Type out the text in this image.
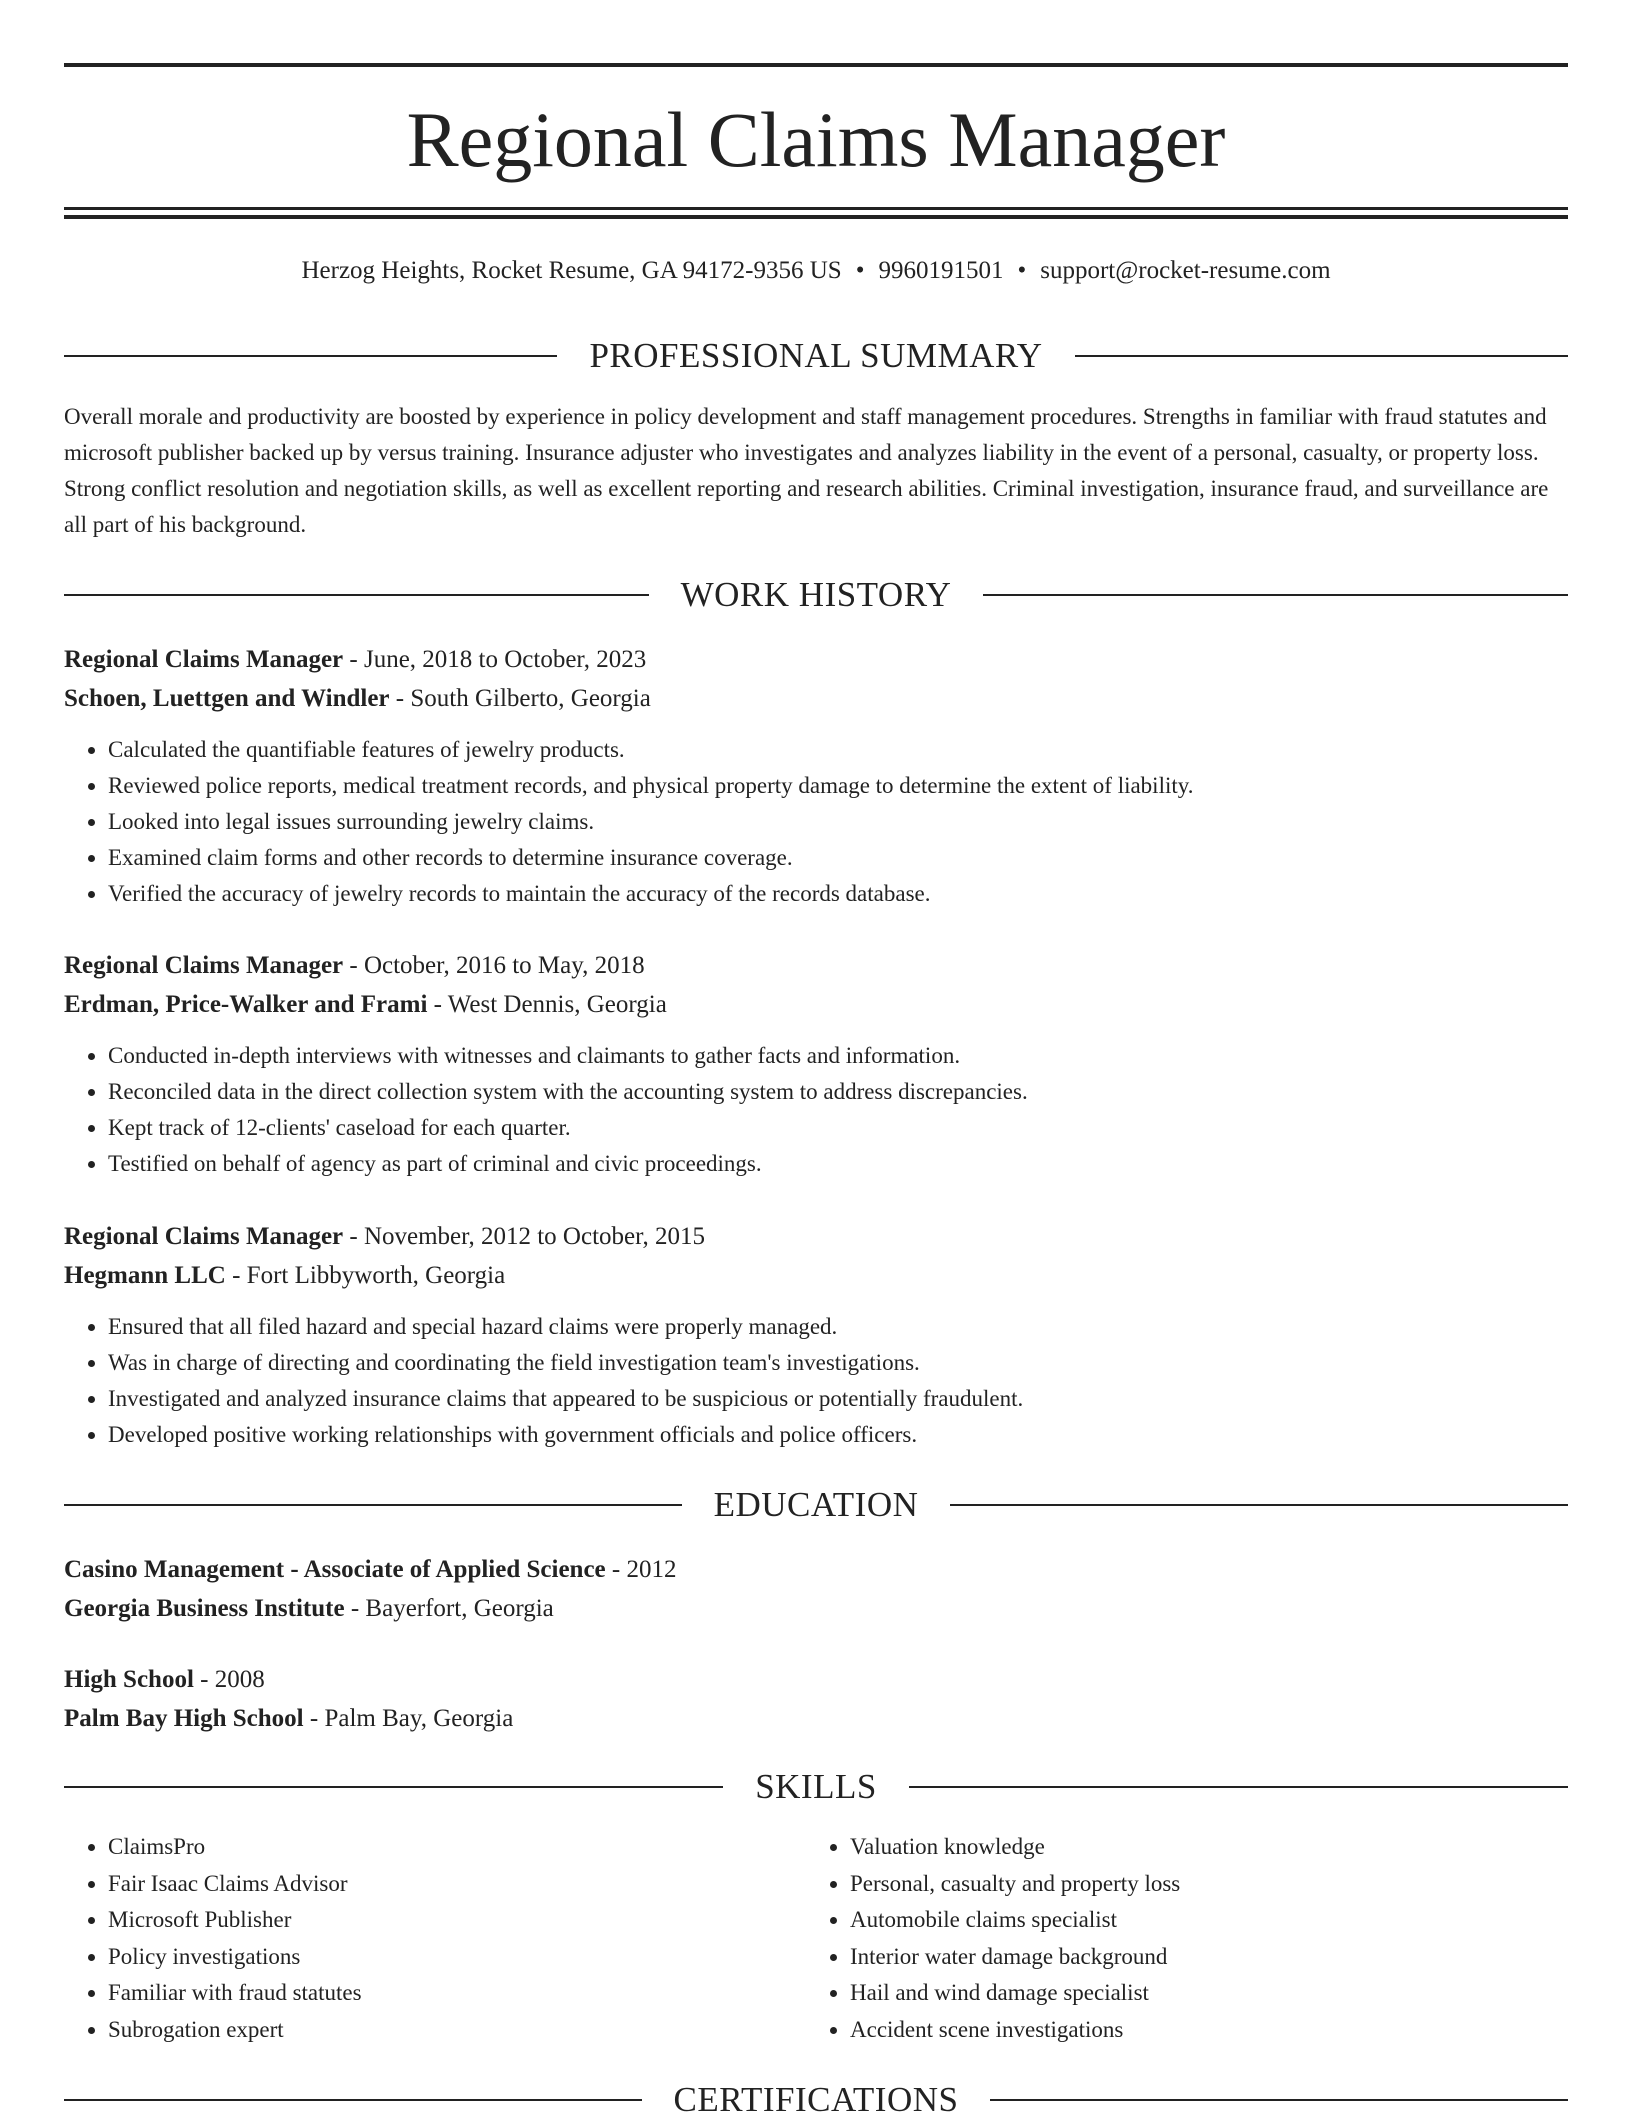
Regional Claims Manager
Herzog Heights, Rocket Resume, GA 94172-9356 US • 9960191501 • support@rocket-resume.com
PROFESSIONAL SUMMARY

Overall morale and productivity are boosted by experience in policy development and staff management procedures. Strengths in familiar with fraud statutes and microsoft publisher backed up by versus training. Insurance adjuster who investigates and analyzes liability in the event of a personal, casualty, or property loss. Strong conflict resolution and negotiation skills, as well as excellent reporting and research abilities. Criminal investigation, insurance fraud, and surveillance are all part of his background.

WORK HISTORY

Regional Claims Manager - June, 2018 to October, 2023

Schoen, Luettgen and Windler - South Gilberto, Georgia

• Calculated the quantifiable features of jewelry products.
• Reviewed police reports, medical treatment records, and physical property damage to determine the extent of liability.
• Looked into legal issues surrounding jewelry claims.
• Examined claim forms and other records to determine insurance coverage.
• Verified the accuracy of jewelry records to maintain the accuracy of the records database.

Regional Claims Manager - October, 2016 to May, 2018

Erdman, Price-Walker and Frami - West Dennis, Georgia

• Conducted in-depth interviews with witnesses and claimants to gather facts and information.
• Reconciled data in the direct collection system with the accounting system to address discrepancies.
• Kept track of 12-clients' caseload for each quarter.
• Testified on behalf of agency as part of criminal and civic proceedings.

Regional Claims Manager - November, 2012 to October, 2015

Hegmann LLC - Fort Libbyworth, Georgia

• Ensured that all filed hazard and special hazard claims were properly managed.
• Was in charge of directing and coordinating the field investigation team's investigations.
• Investigated and analyzed insurance claims that appeared to be suspicious or potentially fraudulent.
• Developed positive working relationships with government officials and police officers.
EDUCATION

Casino Management - Associate of Applied Science - 2012

Georgia Business Institute - Bayerfort, Georgia

High School - 2008

Palm Bay High School - Palm Bay, Georgia

SKILLS
• ClaimsPro
• Fair Isaac Claims Advisor
• Microsoft Publisher
• Policy investigations
• Familiar with fraud statutes
• Subrogation expert
• Valuation knowledge
• Personal, casualty and property loss
• Automobile claims specialist
• Interior water damage background
• Hail and wind damage specialist
• Accident scene investigations
CERTIFICATIONS
